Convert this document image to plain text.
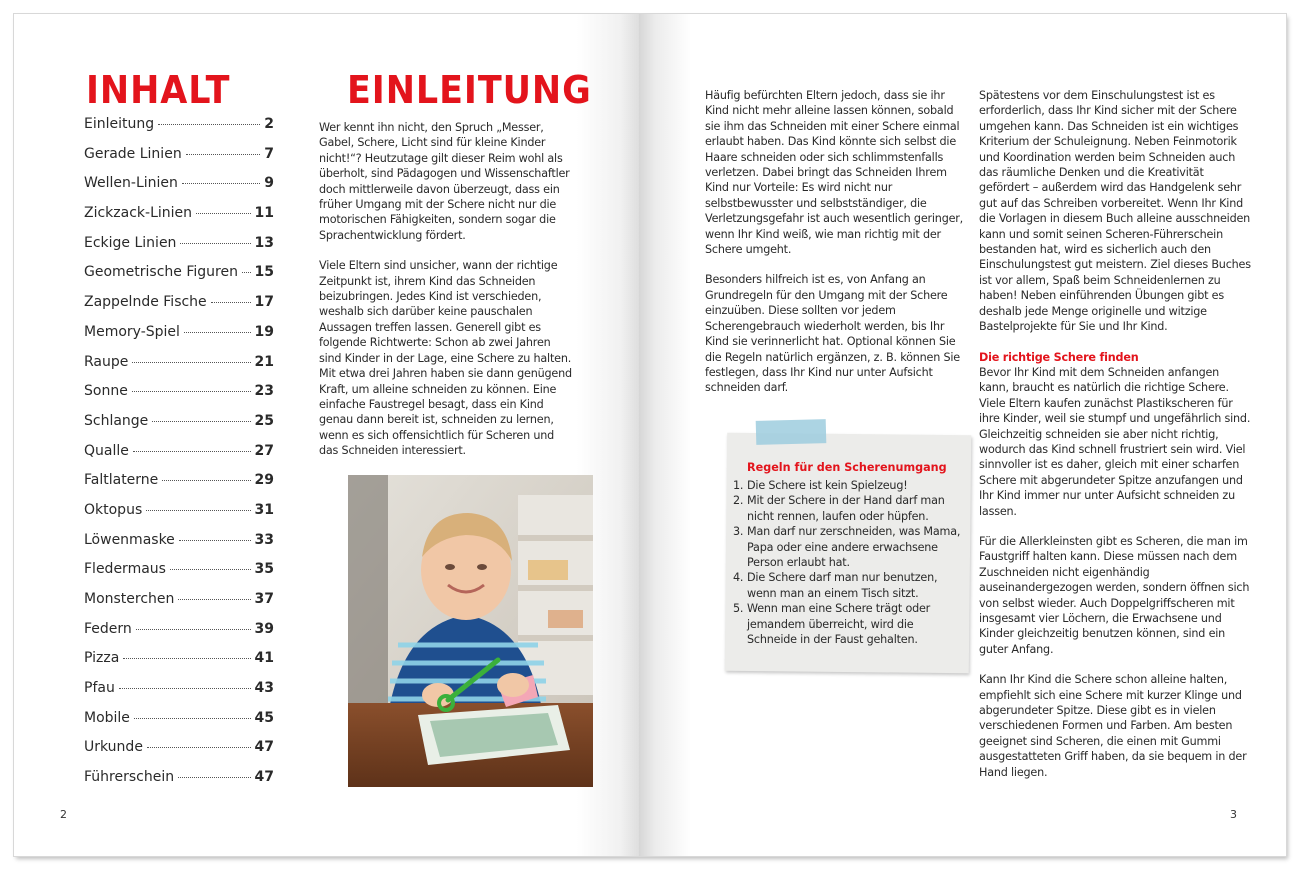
INHALT
Einleitung	2
Gerade Linien	7
Wellen-Linien	9
Zickzack-Linien	11
Eckige Linien	13
Geometrische Figuren 15
Zappelnde Fische	17
Memory-Spiel	19
Raupe	21
Sonne	23
Schlange	25
Qualle	27
Faltlaterne	29
Oktopus	31
Löwenmaske	33
Fledermaus	35
Monsterchen	37
Federn	39
Pizza	41
Pfau	43
Mobile	45
Urkunde	47
Führerschein	47
EINLEITUNG

Wer kennt ihn nicht, den Spruch „Messer, Gabel, Schere, Licht sind für kleine Kinder nicht!“? Heutzutage gilt dieser Reim wohl als überholt, sind Pädagogen und Wissenschaftler doch mittlerweile davon überzeugt, dass ein früher Umgang mit der Schere nicht nur die motorischen Fähigkeiten, sondern sogar die Sprachentwicklung fördert.

Viele Eltern sind unsicher, wann der richtige Zeitpunkt ist, ihrem Kind das Schneiden beizubringen. Jedes Kind ist verschieden, weshalb sich darüber keine pauschalen Aussagen treffen lassen. Generell gibt es folgende Richtwerte: Schon ab zwei Jahren sind Kinder in der Lage, eine Schere zu halten. Mit etwa drei Jahren haben sie dann genügend Kraft, um alleine schneiden zu können. Eine einfache Faustregel besagt, dass ein Kind genau dann bereit ist, schneiden zu lernen, wenn es sich offensichtlich für Scheren und das Schneiden interessiert.

2

Häufig befürchten Eltern jedoch, dass sie ihr Kind nicht mehr alleine lassen können, sobald sie ihm das Schneiden mit einer Schere einmal erlaubt haben. Das Kind könnte sich selbst die Haare schneiden oder sich schlimmstenfalls verletzen. Dabei bringt das Schneiden Ihrem Kind nur Vorteile: Es wird nicht nur selbstbewusster und selbstständiger, die Verletzungsgefahr ist auch wesentlich geringer, wenn Ihr Kind weiß, wie man richtig mit der Schere umgeht.

Besonders hilfreich ist es, von Anfang an Grundregeln für den Umgang mit der Schere einzuüben. Diese sollten vor jedem Scherengebrauch wiederholt werden, bis Ihr Kind sie verinnerlicht hat. Optional können Sie die Regeln natürlich ergänzen, z. B. können Sie festlegen, dass Ihr Kind nur unter Aufsicht schneiden darf.

Regeln für den Scherenumgang
1. Die Schere ist kein Spielzeug!
2. Mit der Schere in der Hand darf man nicht rennen, laufen oder hüpfen.
3. Man darf nur zerschneiden, was Mama, Papa oder eine andere erwachsene Person erlaubt hat.
4. Die Schere darf man nur benutzen, wenn man an einem Tisch sitzt.
5. Wenn man eine Schere trägt oder jemandem überreicht, wird die Schneide in der Faust gehalten.

Spätestens vor dem Einschulungstest ist es erforderlich, dass Ihr Kind sicher mit der Schere umgehen kann. Das Schneiden ist ein wichtiges Kriterium der Schuleignung. Neben Feinmotorik und Koordination werden beim Schneiden auch das räumliche Denken und die Kreativität gefördert – außerdem wird das Handgelenk sehr gut auf das Schreiben vorbereitet. Wenn Ihr Kind die Vorlagen in diesem Buch alleine ausschneiden kann und somit seinen Scheren-Führerschein bestanden hat, wird es sicherlich auch den Einschulungstest gut meistern. Ziel dieses Buches ist vor allem, Spaß beim Schneidenlernen zu haben! Neben einführenden Übungen gibt es deshalb jede Menge originelle und witzige Bastelprojekte für Sie und Ihr Kind.

Die richtige Schere finden

Bevor Ihr Kind mit dem Schneiden anfangen kann, braucht es natürlich die richtige Schere. Viele Eltern kaufen zunächst Plastikscheren für ihre Kinder, weil sie stumpf und ungefährlich sind. Gleichzeitig schneiden sie aber nicht richtig, wodurch das Kind schnell frustriert sein wird. Viel sinnvoller ist es daher, gleich mit einer scharfen Schere mit abgerundeter Spitze anzufangen und Ihr Kind immer nur unter Aufsicht schneiden zu lassen.

Für die Allerkleinsten gibt es Scheren, die man im Faustgriff halten kann. Diese müssen nach dem Zuschneiden nicht eigenhändig auseinandergezogen werden, sondern öffnen sich von selbst wieder. Auch Doppelgriffscheren mit insgesamt vier Löchern, die Erwachsene und Kinder gleichzeitig benutzen können, sind ein guter Anfang.

Kann Ihr Kind die Schere schon alleine halten, empfiehlt sich eine Schere mit kurzer Klinge und abgerundeter Spitze. Diese gibt es in vielen verschiedenen Formen und Farben. Am besten geeignet sind Scheren, die einen mit Gummi ausgestatteten Griff haben, da sie bequem in der Hand liegen.

3
